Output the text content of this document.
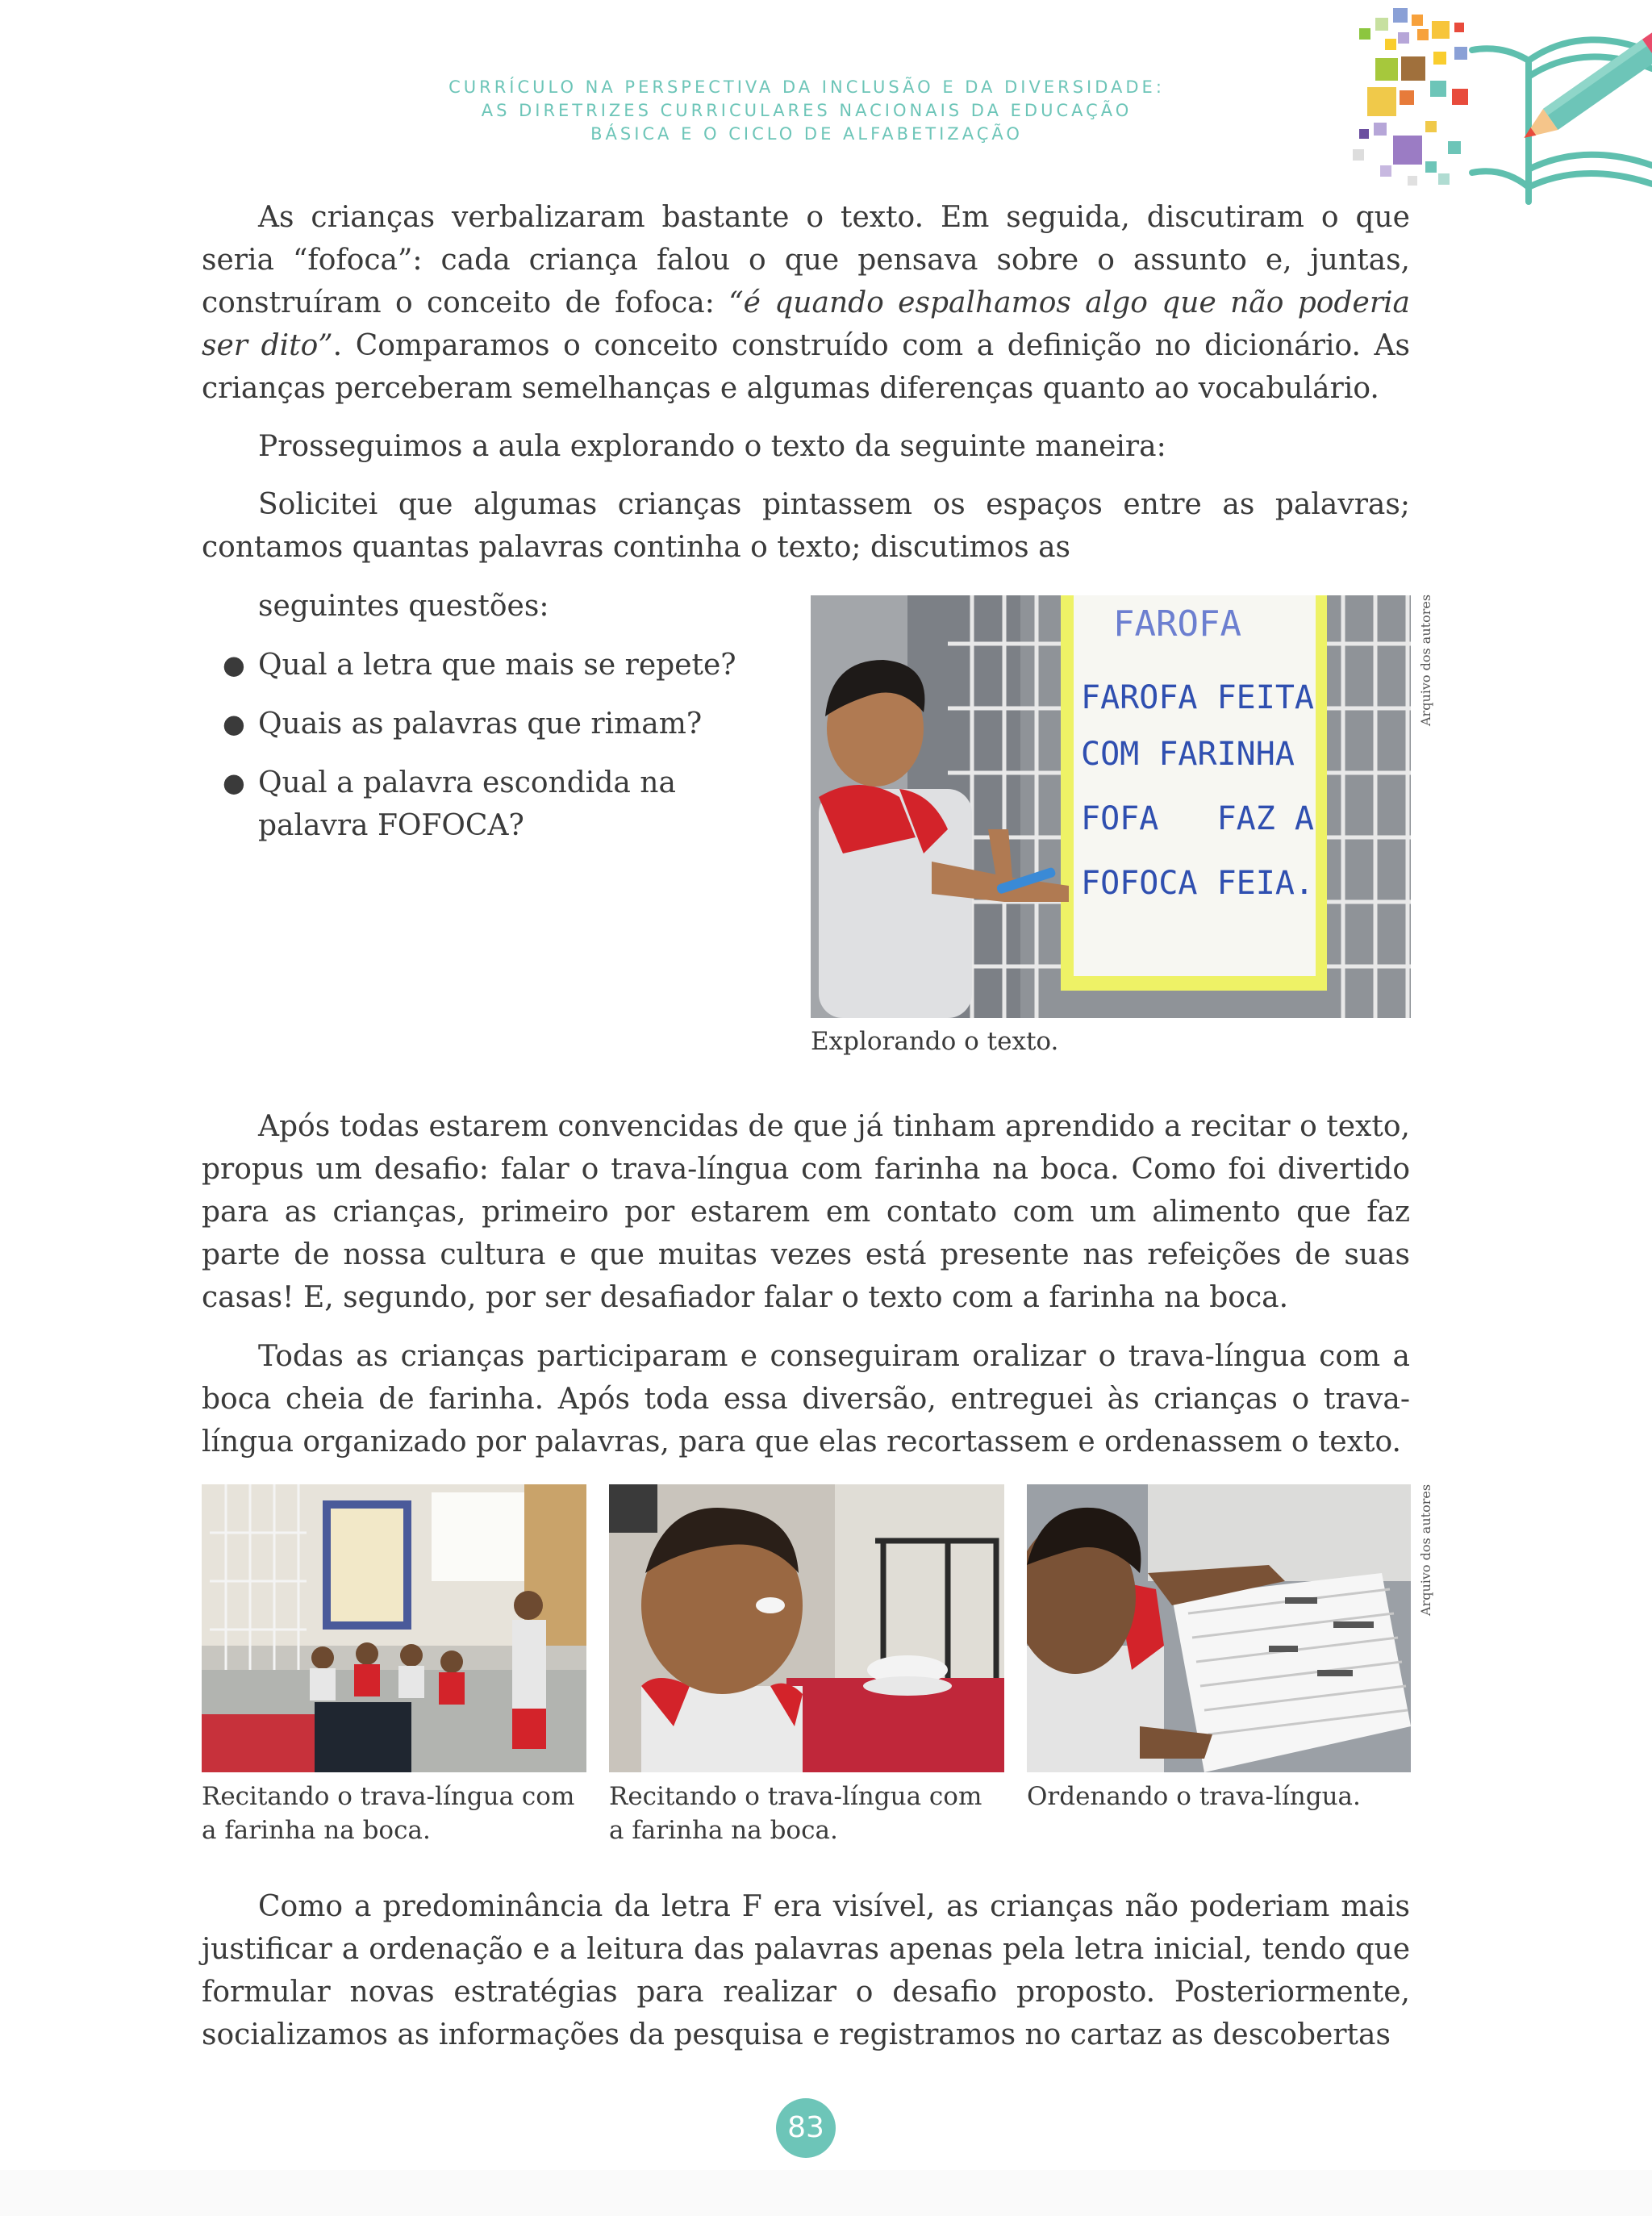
CURRÍCULO NA PERSPECTIVA DA INCLUSÃO E DA DIVERSIDADE:
AS DIRETRIZES CURRICULARES NACIONAIS DA EDUCAÇÃO
BÁSICA E O CICLO DE ALFABETIZAÇÃO

As crianças verbalizaram bastante o texto. Em seguida, discutiram o que seria “fofoca”: cada criança falou o que pensava sobre o assunto e, juntas, construíram o conceito de fofoca: “é quando espalhamos algo que não poderia ser dito”. Comparamos o conceito construído com a definição no dicionário. As crianças perceberam semelhanças e algumas diferenças quanto ao vocabulário.

Prosseguimos a aula explorando o texto da seguinte maneira:

Solicitei que algumas crianças pintassem os espaços entre as palavras; contamos quantas palavras continha o texto; discutimos as

seguintes questões:

● Qual a letra que mais se repete?
● Quais as palavras que rimam?
● Qual a palavra escondida na palavra FOFOCA?
FAROFA
FAROFA FEITA
COM FARINHA
FOFA   FAZ A
FOFOCA FEIA.
Arquivo dos autores
Explorando o texto.

Após todas estarem convencidas de que já tinham aprendido a recitar o texto, propus um desafio: falar o trava-língua com farinha na boca. Como foi divertido para as crianças, primeiro por estarem em contato com um alimento que faz parte de nossa cultura e que muitas vezes está presente nas refeições de suas casas! E, segundo, por ser desafiador falar o texto com a farinha na boca.

Todas as crianças participaram e conseguiram oralizar o trava-língua com a boca cheia de farinha. Após toda essa diversão, entreguei às crianças o trava-língua organizado por palavras, para que elas recortassem e ordenassem o texto.

Arquivo dos autores
Recitando o trava-língua com a farinha na boca.
Recitando o trava-língua com a farinha na boca.
Ordenando o trava-língua.

Como a predominância da letra F era visível, as crianças não poderiam mais justificar a ordenação e a leitura das palavras apenas pela letra inicial, tendo que formular novas estratégias para realizar o desafio proposto. Posteriormente, socializamos as informações da pesquisa e registramos no cartaz as descobertas

83
